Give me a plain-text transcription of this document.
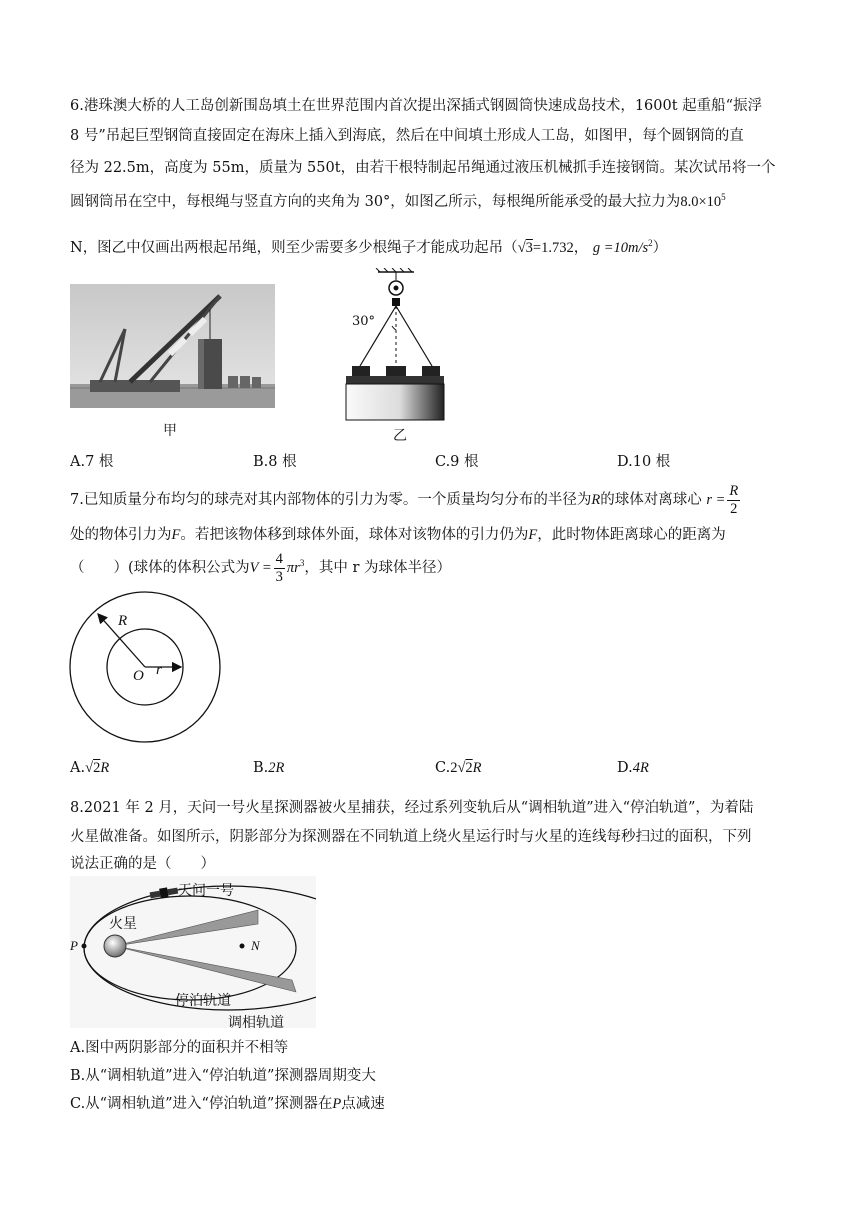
6.港珠澳大桥的人工岛创新围岛填土在世界范围内首次提出深插式钢圆筒快速成岛技术，1600t 起重船“振浮
8 号”吊起巨型钢筒直接固定在海床上插入到海底，然后在中间填土形成人工岛，如图甲，每个圆钢筒的直
径为 22.5m，高度为 55m，质量为 550t，由若干根特制起吊绳通过液压机械抓手连接钢筒。某次试吊将一个
圆钢筒吊在空中，每根绳与竖直方向的夹角为 30°，如图乙所示，每根绳所能承受的最大拉力为$8.0\times 10^5$
N，图乙中仅画出两根起吊绳，则至少需要多少根绳子才能成功起吊（√3=1.732， $g =10m/s^2$）
甲
30°
乙
A.7 根	B.8 根	C.9 根	D.10 根
7.已知质量分布均匀的球壳对其内部物体的引力为零。一个质量均匀分布的半径为R的球体对离球心 $r = \frac{R}{2}$
处的物体引力为F。若把该物体移到球体外面，球体对该物体的引力仍为F，此时物体距离球心的距离为
（　　）(球体的体积公式为$V = \frac{4}{3} \pi r^3$，其中 r 为球体半径）
R
O r
A.√2R	B.2R	C.2√2R	D.4R
8.2021 年 2 月，天问一号火星探测器被火星捕获，经过系列变轨后从“调相轨道”进入“停泊轨道”，为着陆
火星做准备。如图所示，阴影部分为探测器在不同轨道上绕火星运行时与火星的连线每秒扫过的面积，下列
说法正确的是（　　）
天问一号
火星
P	N
停泊轨道
调相轨道
A.图中两阴影部分的面积并不相等
B.从“调相轨道”进入“停泊轨道”探测器周期变大
C.从“调相轨道”进入“停泊轨道”探测器在P点减速
